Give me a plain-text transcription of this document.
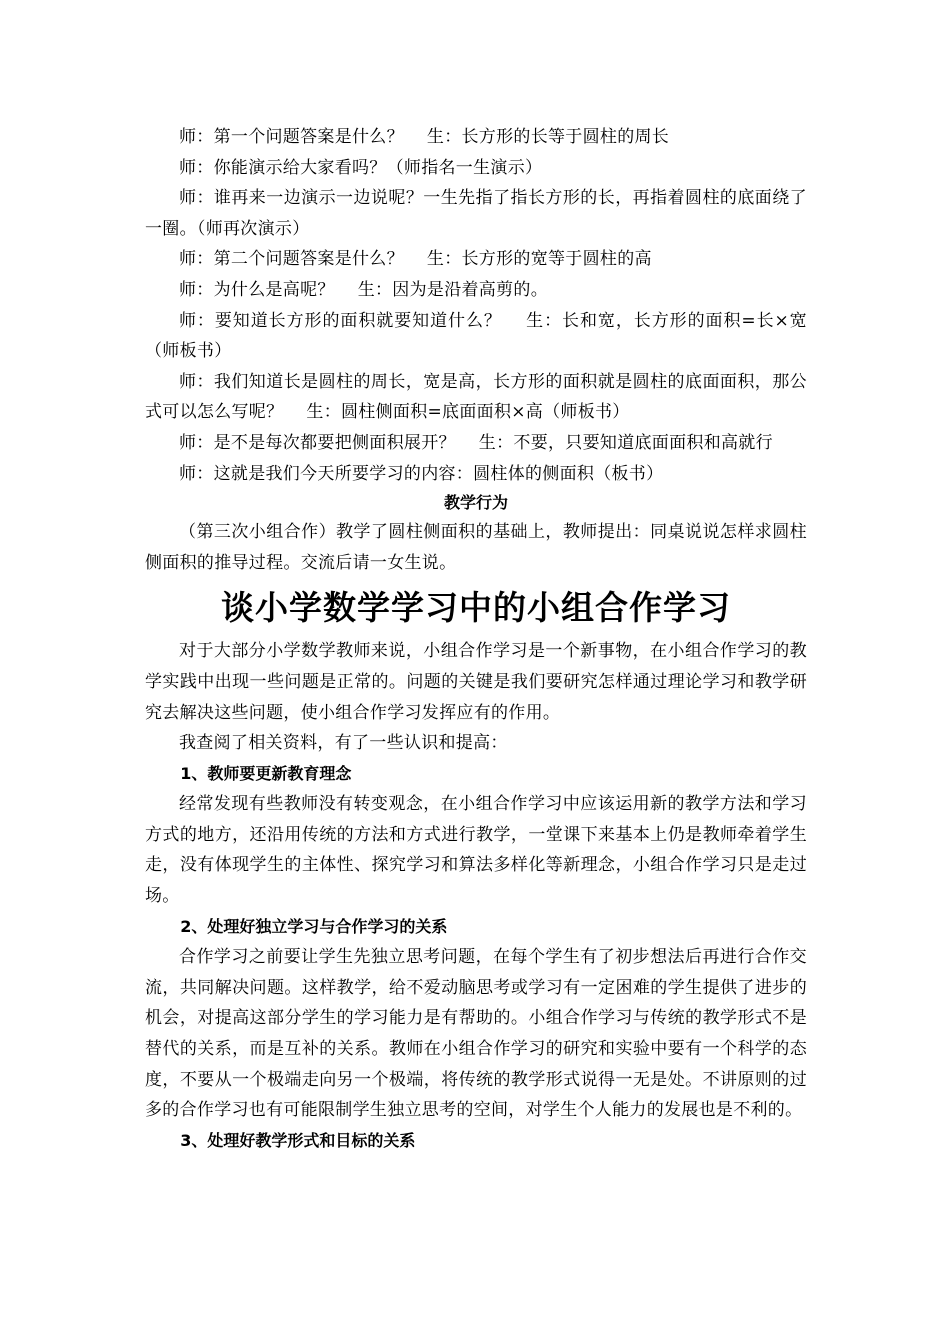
师：第一个问题答案是什么？　 生：长方形的长等于圆柱的周长

师：你能演示给大家看吗？（师指名一生演示）

师：谁再来一边演示一边说呢？一生先指了指长方形的长，再指着圆柱的底面绕了一圈。（师再次演示）

师：第二个问题答案是什么？　 生：长方形的宽等于圆柱的高

师：为什么是高呢？　 生：因为是沿着高剪的。

师：要知道长方形的面积就要知道什么？　 生：长和宽，长方形的面积=长×宽（师板书）

师：我们知道长是圆柱的周长，宽是高，长方形的面积就是圆柱的底面面积，那公式可以怎么写呢？　 生：圆柱侧面积=底面面积×高（师板书）

师：是不是每次都要把侧面积展开？　 生：不要，只要知道底面面积和高就行

师：这就是我们今天所要学习的内容：圆柱体的侧面积（板书）

教学行为

（第三次小组合作）教学了圆柱侧面积的基础上，教师提出：同桌说说怎样求圆柱侧面积的推导过程。交流后请一女生说。

谈小学数学学习中的小组合作学习

对于大部分小学数学教师来说，小组合作学习是一个新事物，在小组合作学习的教学实践中出现一些问题是正常的。问题的关键是我们要研究怎样通过理论学习和教学研究去解决这些问题，使小组合作学习发挥应有的作用。

我查阅了相关资料，有了一些认识和提高：

1、教师要更新教育理念

经常发现有些教师没有转变观念，在小组合作学习中应该运用新的教学方法和学习方式的地方，还沿用传统的方法和方式进行教学，一堂课下来基本上仍是教师牵着学生走，没有体现学生的主体性、探究学习和算法多样化等新理念，小组合作学习只是走过场。

2、处理好独立学习与合作学习的关系

合作学习之前要让学生先独立思考问题，在每个学生有了初步想法后再进行合作交流，共同解决问题。这样教学，给不爱动脑思考或学习有一定困难的学生提供了进步的机会，对提高这部分学生的学习能力是有帮助的。小组合作学习与传统的教学形式不是替代的关系，而是互补的关系。教师在小组合作学习的研究和实验中要有一个科学的态度，不要从一个极端走向另一个极端，将传统的教学形式说得一无是处。不讲原则的过多的合作学习也有可能限制学生独立思考的空间，对学生个人能力的发展也是不利的。

3、处理好教学形式和目标的关系
